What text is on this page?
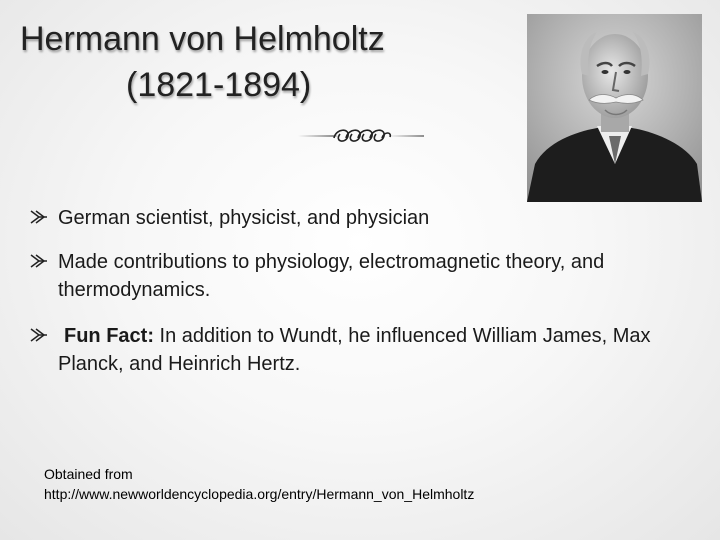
Hermann von Helmholtz
(1821-1894)
German scientist, physicist, and physician
Made contributions to physiology, electromagnetic theory, and thermodynamics.
Fun Fact: In addition to Wundt, he influenced William James, Max Planck, and Heinrich Hertz.
Obtained from
http://www.newworldencyclopedia.org/entry/Hermann_von_Helmholtz
